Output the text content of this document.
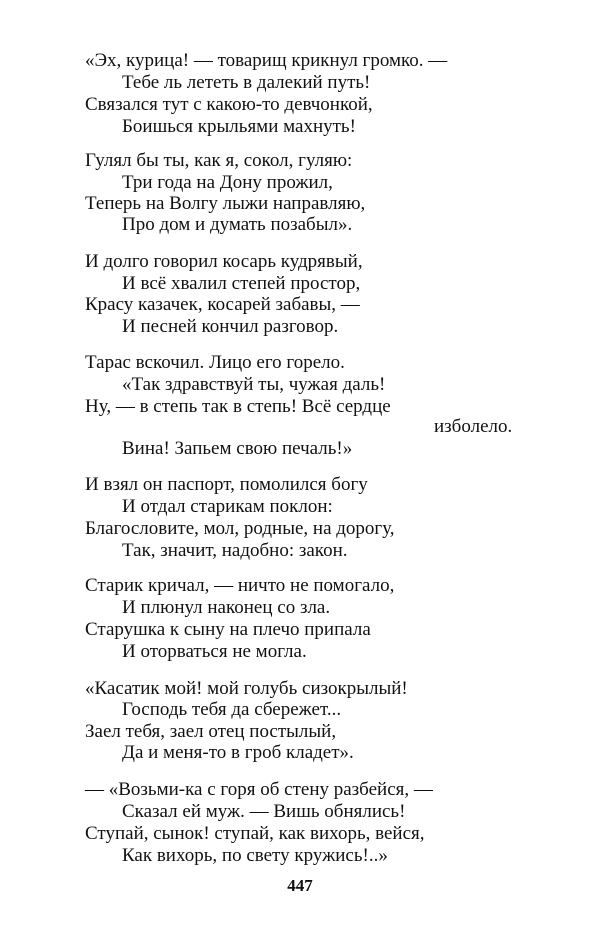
«Эх, курица! — товарищ крикнул громко. —
Тебе ль лететь в далекий путь!
Связался тут с какою-то девчонкой,
Боишься крыльями махнуть!
Гулял бы ты, как я, сокол, гуляю:
Три года на Дону прожил,
Теперь на Волгу лыжи направляю,
Про дом и думать позабыл».
И долго говорил косарь кудрявый,
И всё хвалил степей простор,
Красу казачек, косарей забавы, —
И песней кончил разговор.
Тарас вскочил. Лицо его горело.
«Так здравствуй ты, чужая даль!
Ну, — в степь так в степь! Всё сердце
изболело.
Вина! Запьем свою печаль!»
И взял он паспорт, помолился богу
И отдал старикам поклон:
Благословите, мол, родные, на дорогу,
Так, значит, надобно: закон.
Старик кричал, — ничто не помогало,
И плюнул наконец со зла.
Старушка к сыну на плечо припала
И оторваться не могла.
«Касатик мой! мой голубь сизокрылый!
Господь тебя да сбережет...
Заел тебя, заел отец постылый,
Да и меня-то в гроб кладет».
— «Возьми-ка с горя об стену разбейся, —
Сказал ей муж. — Вишь обнялись!
Ступай, сынок! ступай, как вихорь, вейся,
Как вихорь, по свету кружись!..»
447
